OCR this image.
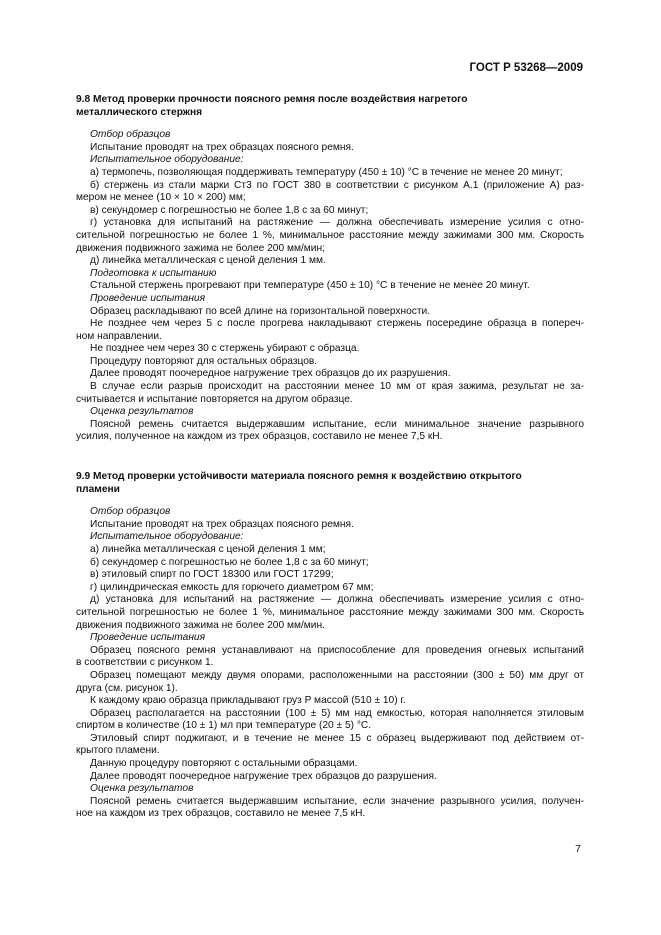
ГОСТ Р 53268—2009
9.8 Метод проверки прочности поясного ремня после воздействия нагретого
металлического стержня
Отбор образцов
Испытание проводят на трех образцах поясного ремня.
Испытательное оборудование:
а) термопечь, позволяющая поддерживать температуру (450 ± 10) °С в течение не менее 20 минут;
б) стержень из стали марки Ст3 по ГОСТ 380 в соответствии с рисунком А.1 (приложение А) раз-
мером не менее (10 × 10 × 200) мм;
в) секундомер с погрешностью не более 1,8 с за 60 минут;
г) установка для испытаний на растяжение — должна обеспечивать измерение усилия с отно-
сительной погрешностью не более 1 %, минимальное расстояние между зажимами 300 мм. Скорость
движения подвижного зажима не более 200 мм/мин;
д) линейка металлическая с ценой деления 1 мм.
Подготовка к испытанию
Стальной стержень прогревают при температуре (450 ± 10) °С в течение не менее 20 минут.
Проведение испытания
Образец раскладывают по всей длине на горизонтальной поверхности.
Не позднее чем через 5 с после прогрева накладывают стержень посередине образца в попереч-
ном направлении.
Не позднее чем через 30 с стержень убирают с образца.
Процедуру повторяют для остальных образцов.
Далее проводят поочередное нагружение трех образцов до их разрушения.
В случае если разрыв происходит на расстоянии менее 10 мм от края зажима, результат не за-
считывается и испытание повторяется на другом образце.
Оценка результатов
Поясной ремень считается выдержавшим испытание, если минимальное значение разрывного
усилия, полученное на каждом из трех образцов, составило не менее 7,5 кН.
9.9 Метод проверки устойчивости материала поясного ремня к воздействию открытого
пламени
Отбор образцов
Испытание проводят на трех образцах поясного ремня.
Испытательное оборудование:
а) линейка металлическая с ценой деления 1 мм;
б) секундомер с погрешностью не более 1,8 с за 60 минут;
в) этиловый спирт по ГОСТ 18300 или ГОСТ 17299;
г) цилиндрическая емкость для горючего диаметром 67 мм;
д) установка для испытаний на растяжение — должна обеспечивать измерение усилия с отно-
сительной погрешностью не более 1 %, минимальное расстояние между зажимами 300 мм. Скорость
движения подвижного зажима не более 200 мм/мин.
Проведение испытания
Образец поясного ремня устанавливают на приспособление для проведения огневых испытаний
в соответствии с рисунком 1.
Образец помещают между двумя опорами, расположенными на расстоянии (300 ± 50) мм друг от
друга (см. рисунок 1).
К каждому краю образца прикладывают груз P массой (510 ± 10) г.
Образец располагается на расстоянии (100 ± 5) мм над емкостью, которая наполняется этиловым
спиртом в количестве (10 ± 1) мл при температуре (20 ± 5) °С.
Этиловый спирт поджигают, и в течение не менее 15 с образец выдерживают под действием от-
крытого пламени.
Данную процедуру повторяют с остальными образцами.
Далее проводят поочередное нагружение трех образцов до разрушения.
Оценка результатов
Поясной ремень считается выдержавшим испытание, если значение разрывного усилия, получен-
ное на каждом из трех образцов, составило не менее 7,5 кН.
7
